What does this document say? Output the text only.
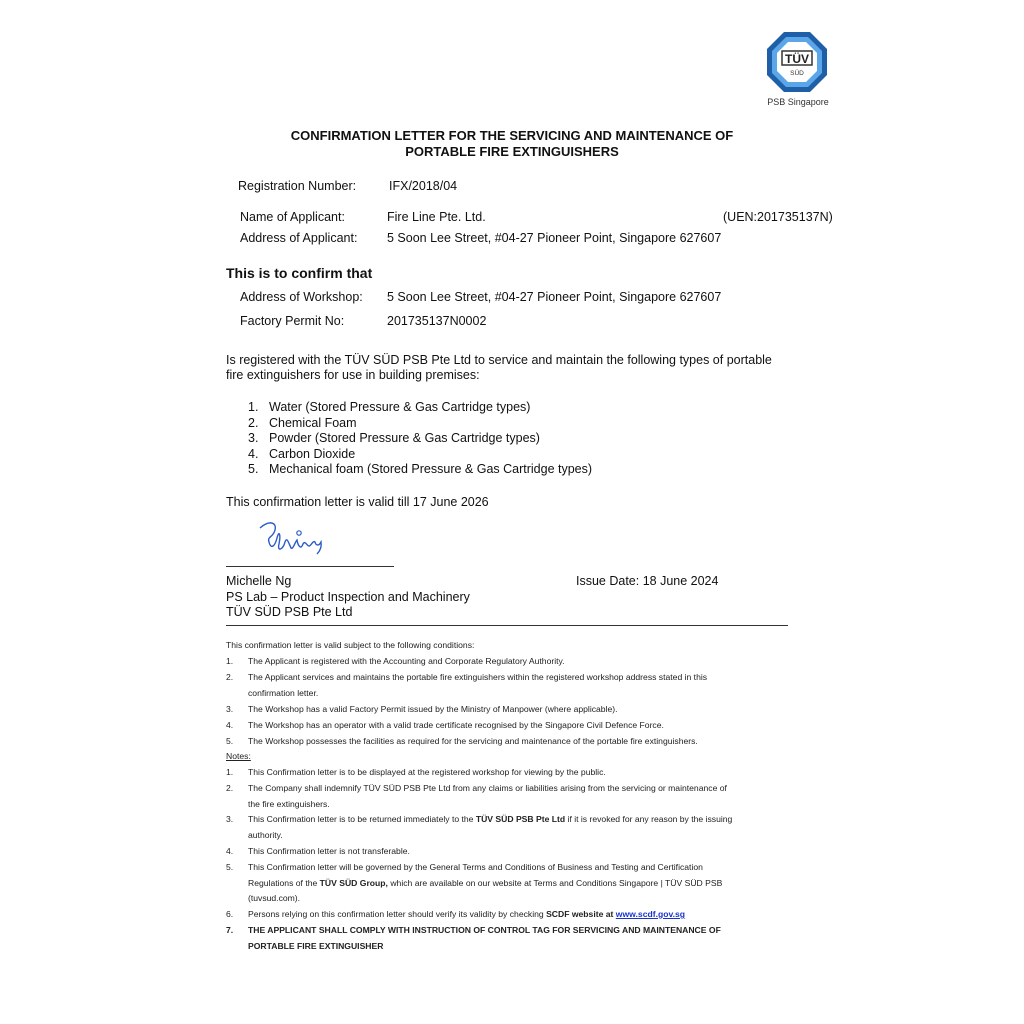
TÜV
SÜD
PSB Singapore
CONFIRMATION LETTER FOR THE SERVICING AND MAINTENANCE OF
PORTABLE FIRE EXTINGUISHERS
Registration Number:	IFX/2018/04
Name of Applicant:	Fire Line Pte. Ltd.	(UEN:201735137N)
Address of Applicant: 5 Soon Lee Street, #04-27 Pioneer Point, Singapore 627607
This is to confirm that
Address of Workshop: 5 Soon Lee Street, #04-27 Pioneer Point, Singapore 627607
Factory Permit No:	201735137N0002
Is registered with the TÜV SÜD PSB Pte Ltd to service and maintain the following types of portable fire extinguishers for use in building premises:
1. Water (Stored Pressure & Gas Cartridge types)
2. Chemical Foam
3. Powder (Stored Pressure & Gas Cartridge types)
4. Carbon Dioxide
5. Mechanical foam (Stored Pressure & Gas Cartridge types)
This confirmation letter is valid till 17 June 2026
Michelle Ng
PS Lab – Product Inspection and Machinery
TÜV SÜD PSB Pte Ltd
Issue Date: 18 June 2024
This confirmation letter is valid subject to the following conditions:
1. The Applicant is registered with the Accounting and Corporate Regulatory Authority.
2. The Applicant services and maintains the portable fire extinguishers within the registered workshop address stated in this
confirmation letter.
3. The Workshop has a valid Factory Permit issued by the Ministry of Manpower (where applicable).
4. The Workshop has an operator with a valid trade certificate recognised by the Singapore Civil Defence Force.
5. The Workshop possesses the facilities as required for the servicing and maintenance of the portable fire extinguishers.
Notes:
1. This Confirmation letter is to be displayed at the registered workshop for viewing by the public.
2. The Company shall indemnify TÜV SÜD PSB Pte Ltd from any claims or liabilities arising from the servicing or maintenance of
the fire extinguishers.
3. This Confirmation letter is to be returned immediately to the TÜV SÜD PSB Pte Ltd if it is revoked for any reason by the issuing
authority.
4. This Confirmation letter is not transferable.
5. This Confirmation letter will be governed by the General Terms and Conditions of Business and Testing and Certification
Regulations of the TÜV SÜD Group, which are available on our website at Terms and Conditions Singapore | TÜV SÜD PSB
(tuvsud.com).
6. Persons relying on this confirmation letter should verify its validity by checking SCDF website at www.scdf.gov.sg
7. THE APPLICANT SHALL COMPLY WITH INSTRUCTION OF CONTROL TAG FOR SERVICING AND MAINTENANCE OF
PORTABLE FIRE EXTINGUISHER
